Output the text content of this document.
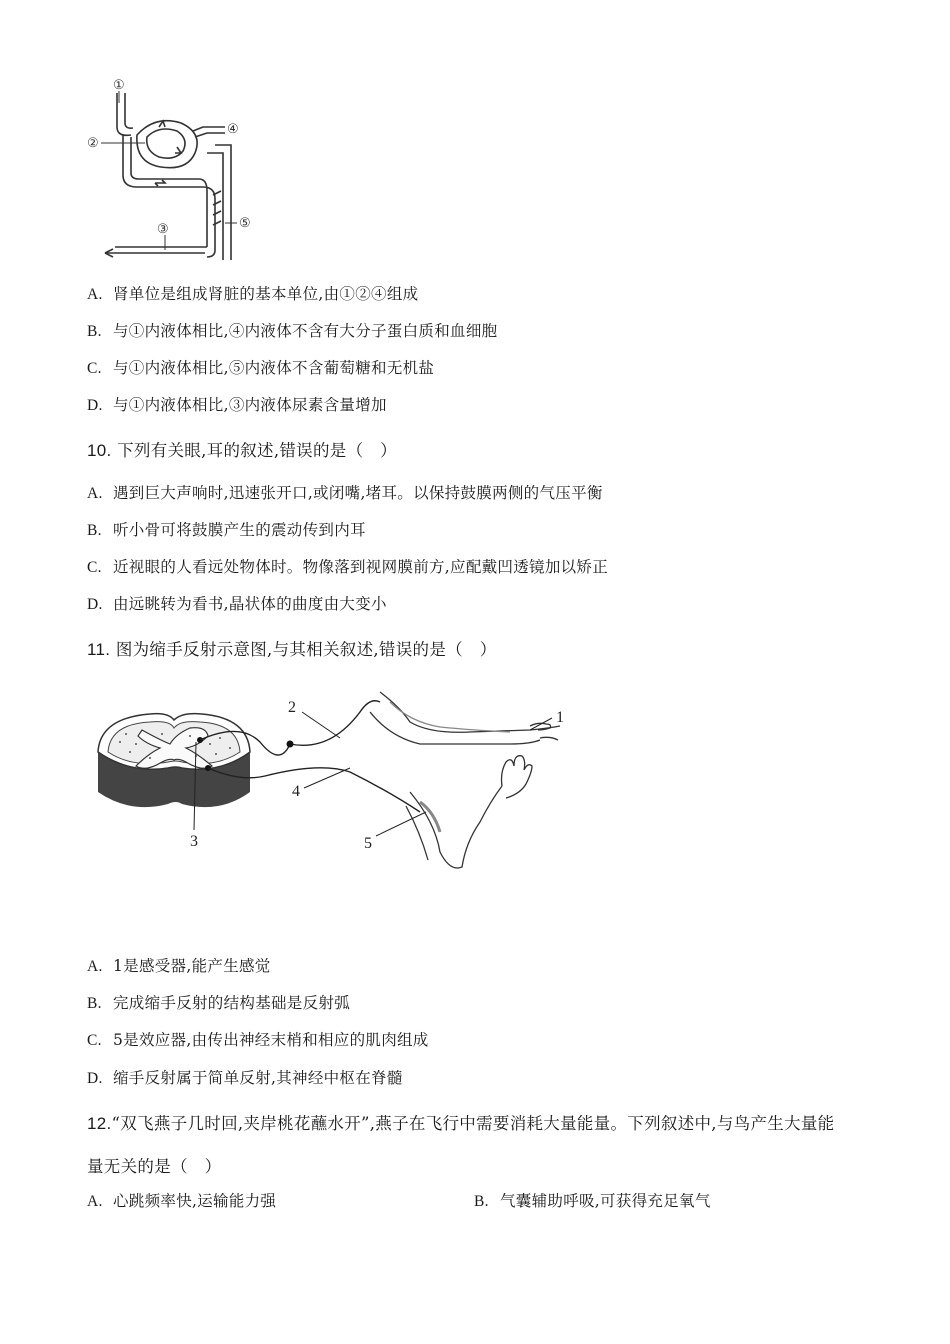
①
②
③
④
⑤
A. 肾单位是组成肾脏的基本单位,由①②④组成
B. 与①内液体相比,④内液体不含有大分子蛋白质和血细胞
C. 与①内液体相比,⑤内液体不含葡萄糖和无机盐
D. 与①内液体相比,③内液体尿素含量增加
10. 下列有关眼,耳的叙述,错误的是（　）
A. 遇到巨大声响时,迅速张开口,或闭嘴,堵耳。以保持鼓膜两侧的气压平衡
B. 听小骨可将鼓膜产生的震动传到内耳
C. 近视眼的人看远处物体时。物像落到视网膜前方,应配戴凹透镜加以矫正
D. 由远眺转为看书,晶状体的曲度由大变小
11. 图为缩手反射示意图,与其相关叙述,错误的是（　）
2
1
3
4
5
A. 1是感受器,能产生感觉
B. 完成缩手反射的结构基础是反射弧
C. 5是效应器,由传出神经末梢和相应的肌肉组成
D. 缩手反射属于简单反射,其神经中枢在脊髓
12.“双飞燕子几时回,夹岸桃花蘸水开”,燕子在飞行中需要消耗大量能量。下列叙述中,与鸟产生大量能
量无关的是（　）
A. 心跳频率快,运输能力强	B. 气囊辅助呼吸,可获得充足氧气
